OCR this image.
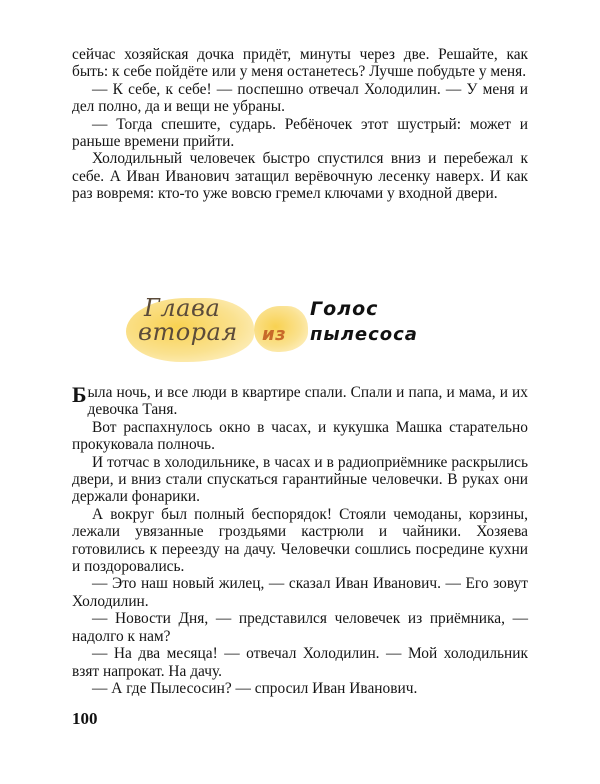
сейчас хозяйская дочка придёт, минуты через две. Решайте, как быть: к себе пойдёте или у меня останетесь? Лучше побудьте у меня.

— К себе, к себе! — поспешно отвечал Холодилин. — У меня и дел полно, да и вещи не убраны.

— Тогда спешите, сударь. Ребёночек этот шустрый: может и раньше времени прийти.

Холодильный человечек быстро спустился вниз и перебежал к себе. А Иван Иванович затащил верёвочную лесенку наверх. И как раз вовремя: кто-то уже вовсю гремел ключами у входной двери.

Глава
вторая
Голос
из пылесоса

Б ыла ночь, и все люди в квартире спали. Спали и папа, и мама, и их девочка Таня.

Вот распахнулось окно в часах, и кукушка Машка старательно прокуковала полночь.

И тотчас в холодильнике, в часах и в радиоприёмнике раскрылись двери, и вниз стали спускаться гарантийные человечки. В руках они держали фонарики.

А вокруг был полный беспорядок! Стояли чемоданы, корзины, лежали увязанные гроздьями кастрюли и чайники. Хозяева готовились к переезду на дачу. Человечки сошлись посредине кухни и поздоровались.

— Это наш новый жилец, — сказал Иван Иванович. — Его зовут Холодилин.

— Новости Дня, — представился человечек из приёмника, — надолго к нам?

— На два месяца! — отвечал Холодилин. — Мой холодильник взят напрокат. На дачу.

— А где Пылесосин? — спросил Иван Иванович.

100
